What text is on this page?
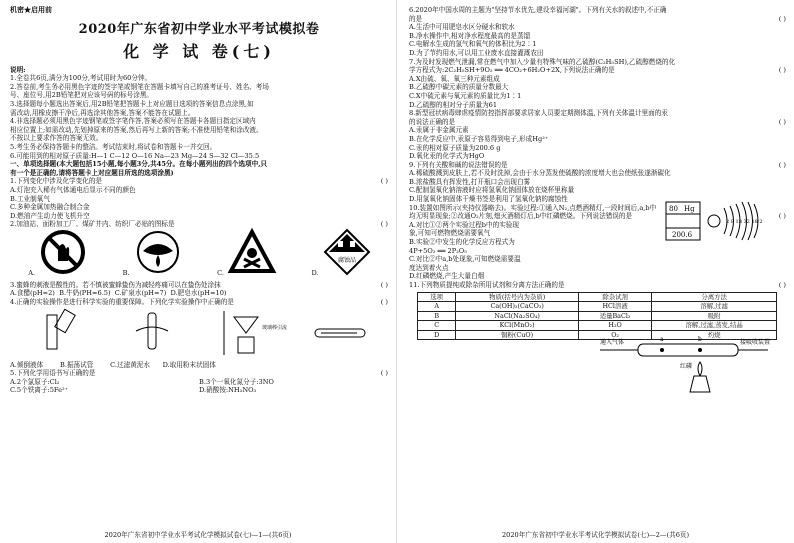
机密★启用前

2020年广东省初中学业水平考试模拟卷

化 学 试 卷(七)

说明:

1.全卷共6页,满分为100分,考试用时为60分钟。

2.答卷前,考生务必用黑色字迹的签字笔或钢笔在答题卡填写自己的准考证号、姓名、考场

号、座位号,用2B铅笔把对应该号码的标号涂黑。

3.选择题每小题选出答案后,用2B铅笔把答题卡上对应题目选项的答案信息点涂黑,如

需改动,用橡皮擦干净后,再选涂其他答案,答案不能答在试题上。

4.非选择题必须用黑色字迹钢笔或签字笔作答,答案必须写在答题卡各题目指定区域内

相应位置上;如需改动,先划掉原来的答案,然后再写上新的答案;不准使用铅笔和涂改液。

不按以上要求作答的答案无效。

5.考生务必保持答题卡的整洁。考试结束时,将试卷和答题卡一并交回。

6.可能用到的相对原子质量:H—1 C—12 O—16 Na—23 Mg—24 S—32 Cl—35.5

一、单项选择题(本大题包括15小题,每小题3分,共45分。在每小题列出的四个选项中,只

有一个是正确的,请将答题卡上对应题目所选的选项涂黑)

1.下列变化中涉及化学变化的是	( )

A.灯泡充入稀有气体通电后显示不同的颜色

B.工业制氧气

C.多种金属加热融合制合金

D.燃油产生动力使飞机升空

2.加油站、面粉加工厂、煤矿井内、纺织厂必贴的图标是	( )

A.	B.	C.	D.
腐蚀品

3.蜜蜂的刺液是酸性的。若不慎被蜜蜂蛰伤为减轻疼痛可以在蛰伤处涂抹	( )

A.食醋(pH≈2) B.牛奶(PH≈6.5) C.矿泉水(pH≈7) D.肥皂水(pH≈10)

4.正确的实验操作是进行科学实验的重要保障。下列化学实验操作中正确的是	( )

玻璃棒引流

A.倾倒液体	B.振荡试管	C.过滤黄泥水 D.取用粉末状固体

5.下列化学用语书写正确的是	( )

A.2个氯原子:Cl₂	B.3个一氧化氮分子:3NO
C.5个铁离子:5Fe²⁺	D.硝酸铵:NH₃NO₃
2020年广东省初中学业水平考试化学模拟试卷(七)—1—(共6页)

6.2020年中国水周的主题为"坚持节水优先,建设幸福河湖"。下列有关水的叙述中,不正确

的是	( )

A.生活中可用肥皂水区分硬水和软水

B.净水操作中,相对净水程度最高的是蒸馏

C.电解水生成的氢气和氧气的体积比为2∶1

D.为了节约用水,可以用工业废水直接灌溉农田

7.为及时发现燃气泄漏,常在燃气中加入少量有特殊气味的乙硫醇(C₂H₅SH),乙硫醇燃烧的化

学方程式为:2C₂H₅SH+9O₂ ══ 4CO₂+6H₂O+2X,下列说法正确的是	( )

A.X由硫、氧、氧三种元素组成

B.乙硫醇中碳元素的质量分数最大

C.X中硫元素与氧元素的质量比为1∶1

D.乙硫醇的相对分子质量为61

8.新型冠状病毒肆虐疫情防控指挥部要求居家人员要定期测体温,下列有关体温计里面的汞

的说法正确的是	( )

A.汞属于非金属元素

B.在化学反应中,汞原子容易得到电子,形成Hg²⁺

C.汞的相对原子质量为200.6 g

D.氧化汞的化学式为HgO

80 Hg
200.6
2 8 18 32 18 2

9.下列有关酸和碱的说法错误的是	( )

A.稀硫酸溅到皮肤上,若不及时洗掉,会由于水分蒸发使硫酸的浓度增大也会使纸张遂渐碳化

B.浓盐酸具有挥发性,打开瓶口会出现白雾

C.配制氢氧化钠溶液时应将氢氧化钠固体放在烧杯里称量

D.用氢氧化钠固体干燥书签是利用了氢氧化钠的腐蚀性

10.装置如图所示(夹持仪器略去)。实验过程:①通入N₂,点燃酒精灯,一段时间后,a,b中

均无明显现象;②改通O₂片刻,熄灭酒精灯后,b中红磷燃烧。下列说法错误的是	( )

A.对比①②两个实验过程b中的实验现

象,可知可燃物燃烧需要氧气

B.实验②中发生的化学反应方程式为

4P+5O₂ ══ 2P₂O₅

C.对比②中a,b处现象,可知燃烧需要温

度达到着火点

D.红磷燃烧,产生大量白烟

通入气体	a	b
红磷
接吸收装置

11.下列物质提纯或除杂所用试剂和分离方法正确的是	( )

选项	物质(括号内为杂质)	除杂试剂	分离方法
A	Ca(OH)₂(CaCO₃)	HCl溶液	溶解,过滤
B	NaCl(Na₂SO₄)	适量BaCl₂	吸附
C	KCl(MnO₂)	H₂O	溶解,过滤,蒸发,结晶
D	铜粉(CuO)	O₂	灼烧
2020年广东省初中学业水平考试化学模拟试卷(七)—2—(共6页)
